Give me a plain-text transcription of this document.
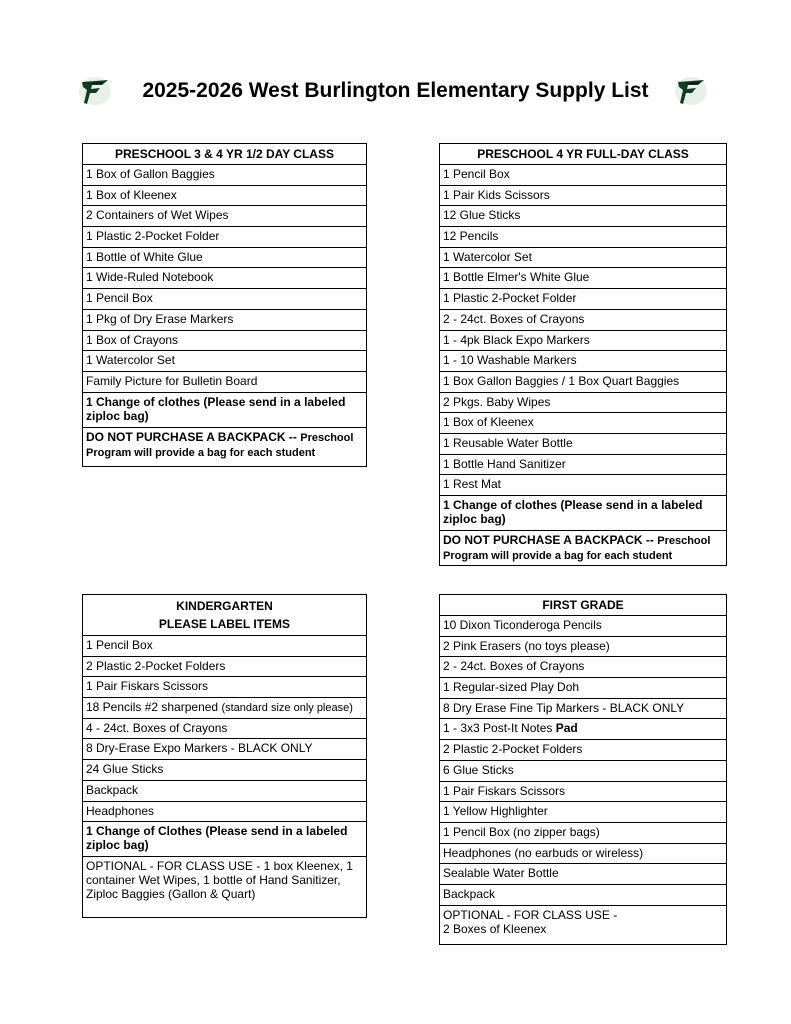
2025-2026 West Burlington Elementary Supply List
PRESCHOOL 3 & 4 YR 1/2 DAY CLASS
1 Box of Gallon Baggies
1 Box of Kleenex
2 Containers of Wet Wipes
1 Plastic 2-Pocket Folder
1 Bottle of White Glue
1 Wide-Ruled Notebook
1 Pencil Box
1 Pkg of Dry Erase Markers
1 Box of Crayons
1 Watercolor Set
Family Picture for Bulletin Board
1 Change of clothes (Please send in a labeled ziploc bag)
DO NOT PURCHASE A BACKPACK -- Preschool Program will provide a bag for each student
PRESCHOOL 4 YR FULL-DAY CLASS
1 Pencil Box
1 Pair Kids Scissors
12 Glue Sticks
12 Pencils
1 Watercolor Set
1 Bottle Elmer's White Glue
1 Plastic 2-Pocket Folder
2 - 24ct. Boxes of Crayons
1 - 4pk Black Expo Markers
1 - 10 Washable Markers
1 Box Gallon Baggies / 1 Box Quart Baggies
2 Pkgs. Baby Wipes
1 Box of Kleenex
1 Reusable Water Bottle
1 Bottle Hand Sanitizer
1 Rest Mat
1 Change of clothes (Please send in a labeled ziploc bag)
DO NOT PURCHASE A BACKPACK -- Preschool Program will provide a bag for each student
KINDERGARTEN
PLEASE LABEL ITEMS

1 Pencil Box
2 Plastic 2-Pocket Folders
1 Pair Fiskars Scissors
18 Pencils #2 sharpened (standard size only please)
4 - 24ct. Boxes of Crayons
8 Dry-Erase Expo Markers - BLACK ONLY
24 Glue Sticks
Backpack
Headphones
1 Change of Clothes (Please send in a labeled ziploc bag)
OPTIONAL - FOR CLASS USE - 1 box Kleenex, 1 container Wet Wipes, 1 bottle of Hand Sanitizer, Ziploc Baggies (Gallon & Quart)
FIRST GRADE
10 Dixon Ticonderoga Pencils
2 Pink Erasers (no toys please)
2 - 24ct. Boxes of Crayons
1 Regular-sized Play Doh
8 Dry Erase Fine Tip Markers - BLACK ONLY
1 - 3x3 Post-It Notes Pad
2 Plastic 2-Pocket Folders
6 Glue Sticks
1 Pair Fiskars Scissors
1 Yellow Highlighter
1 Pencil Box (no zipper bags)
Headphones (no earbuds or wireless)
Sealable Water Bottle
Backpack

OPTIONAL - FOR CLASS USE -
2 Boxes of Kleenex
